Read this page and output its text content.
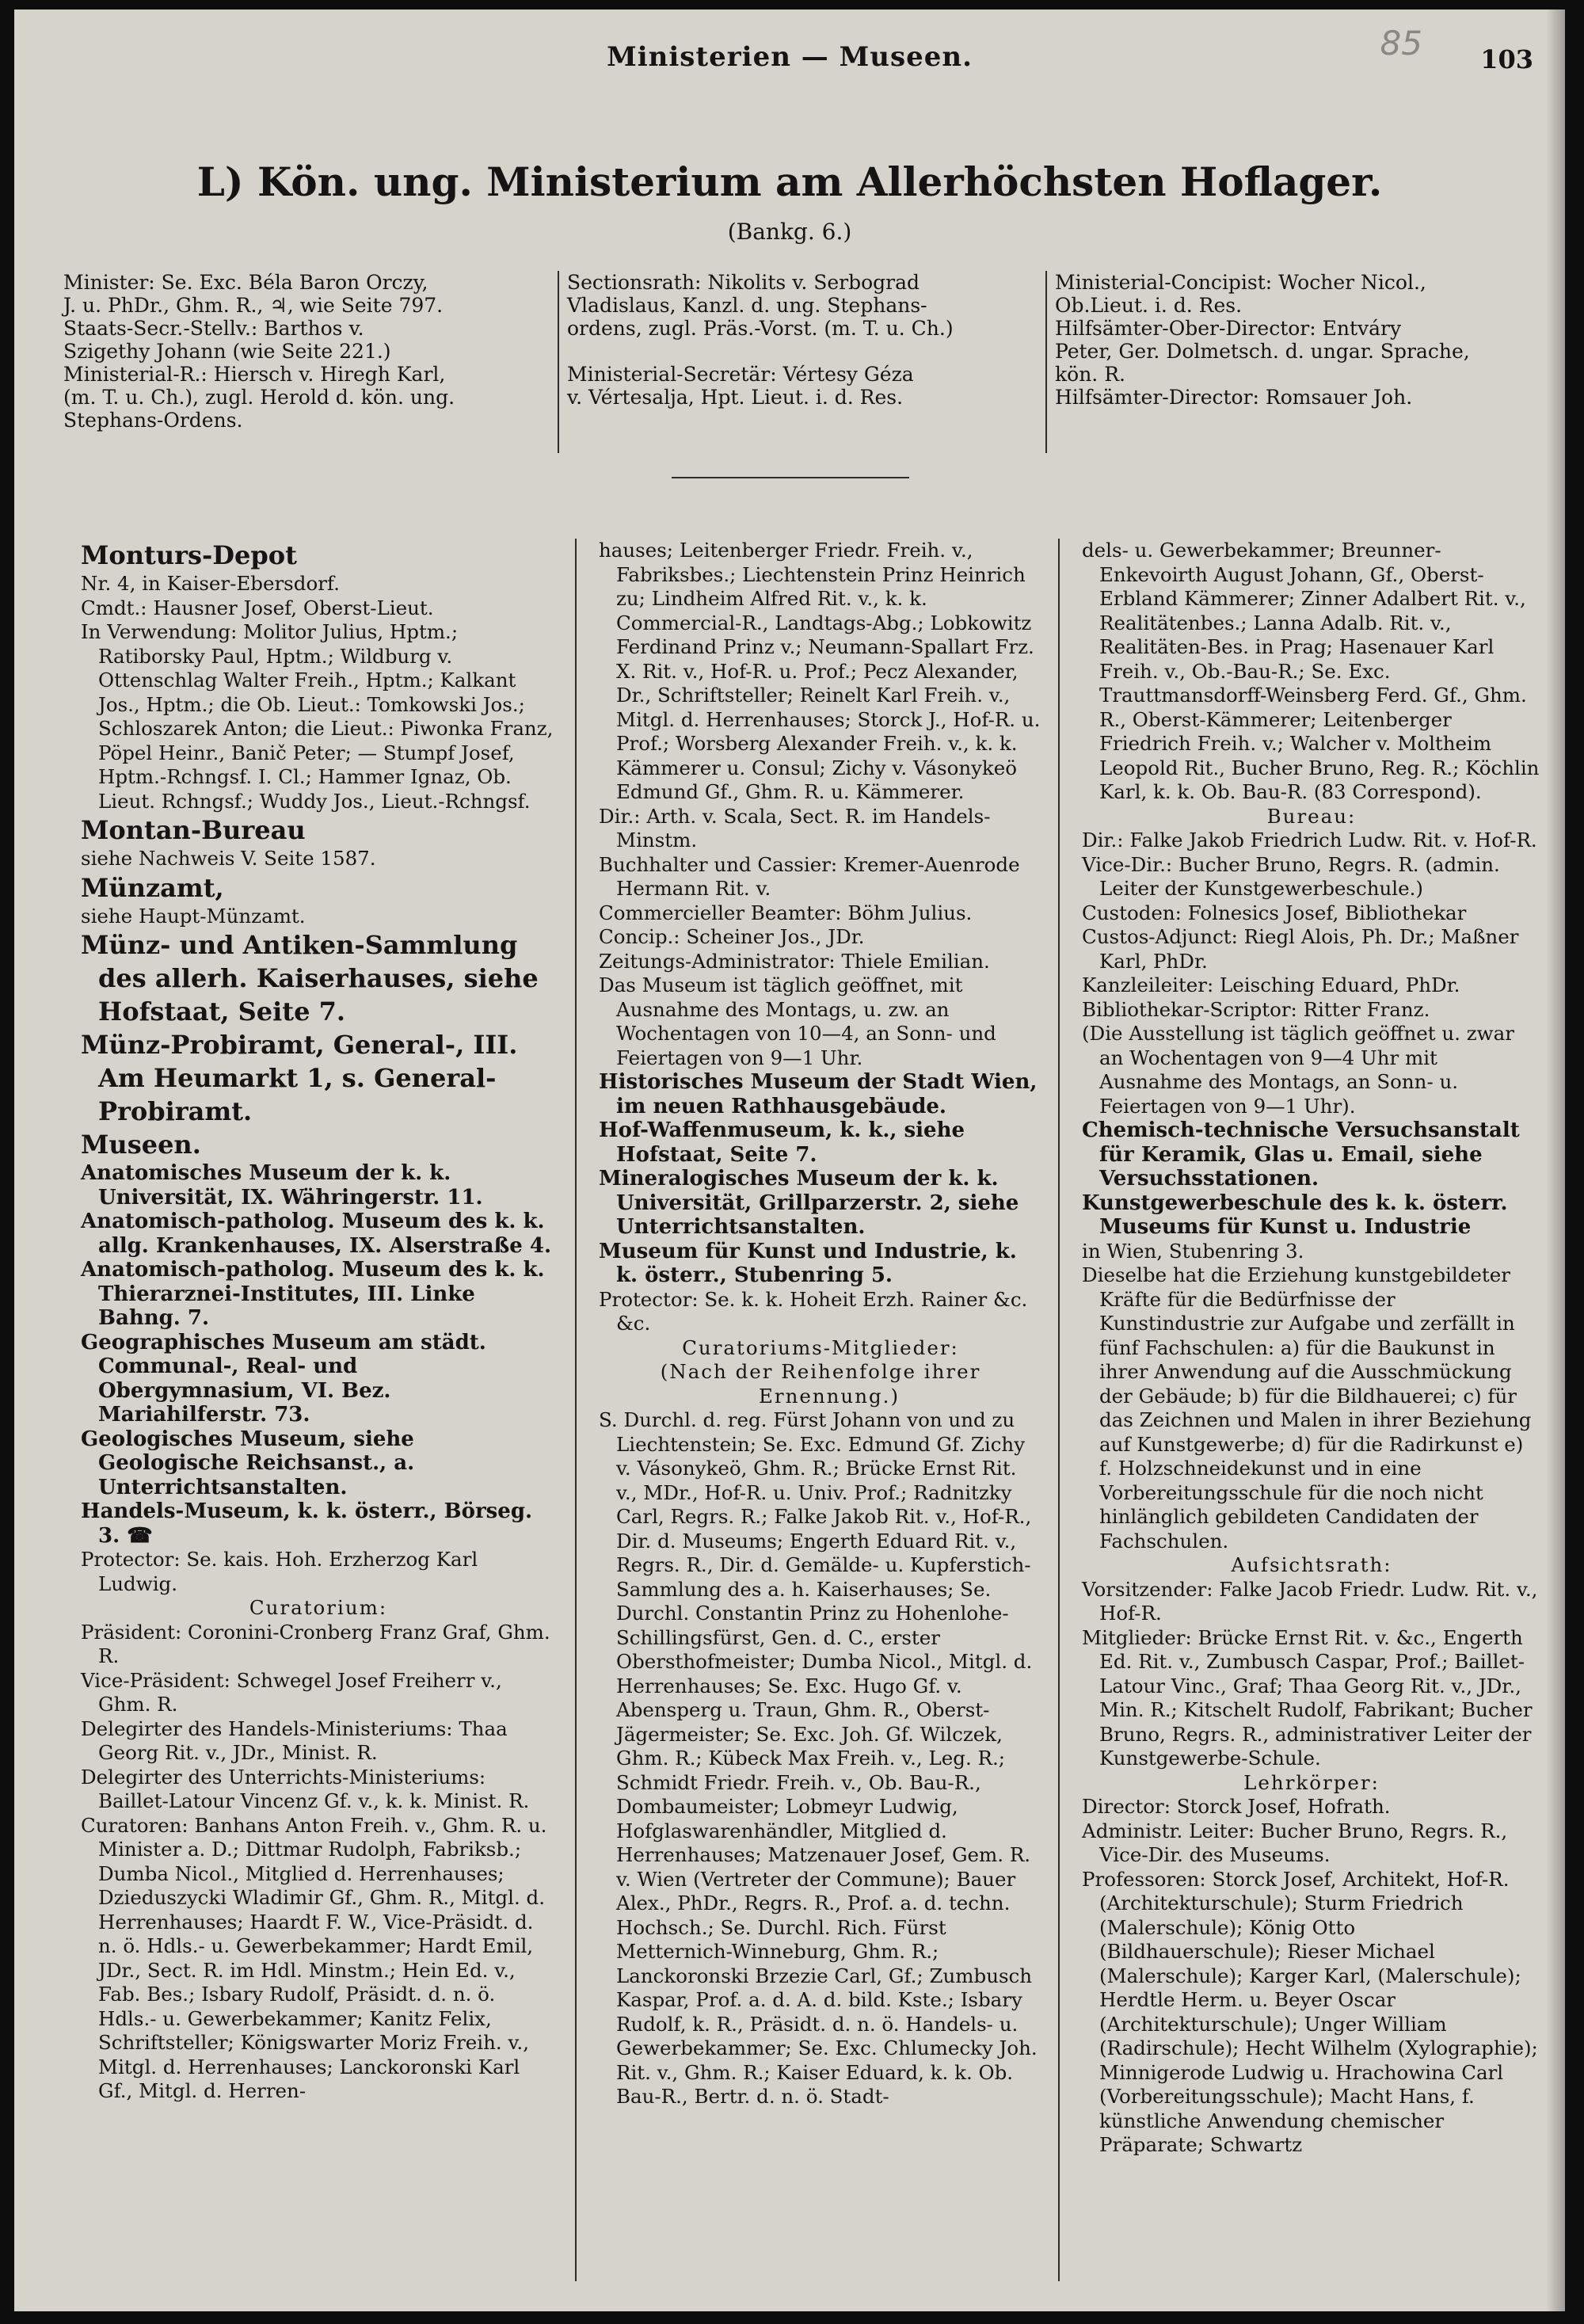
85
Ministerien — Museen.	103
L) Kön. ung. Ministerium am Allerhöchsten Hoflager.
(Bankg. 6.)
Minister: Se. Exc. Béla Baron Orczy,
J. u. PhDr., Ghm. R., ♃, wie Seite 797.
Staats-Secr.-Stellv.: Barthos v.
Szigethy Johann (wie Seite 221.)
Ministerial-R.: Hiersch v. Hiregh Karl,
(m. T. u. Ch.), zugl. Herold d. kön. ung.
Stephans-Ordens.
Sectionsrath: Nikolits v. Serbograd
Vladislaus, Kanzl. d. ung. Stephans-
ordens, zugl. Präs.-Vorst. (m. T. u. Ch.)

Ministerial-Secretär: Vértesy Géza
v. Vértesalja, Hpt. Lieut. i. d. Res.
Ministerial-Concipist: Wocher Nicol.,
Ob.Lieut. i. d. Res.
Hilfsämter-Ober-Director: Entváry
Peter, Ger. Dolmetsch. d. ungar. Sprache,
kön. R.
Hilfsämter-Director: Romsauer Joh.

Monturs-Depot

Nr. 4, in Kaiser-Ebersdorf.

Cmdt.: Hausner Josef, Oberst-Lieut.

In Verwendung: Molitor Julius, Hptm.; Ratiborsky Paul, Hptm.; Wildburg v. Ottenschlag Walter Freih., Hptm.; Kalkant Jos., Hptm.; die Ob. Lieut.: Tomkowski Jos.; Schloszarek Anton; die Lieut.: Piwonka Franz, Pöpel Heinr., Banič Peter; — Stumpf Josef, Hptm.-Rchngsf. I. Cl.; Hammer Ignaz, Ob. Lieut. Rchngsf.; Wuddy Jos., Lieut.-Rchngsf.

Montan-Bureau

siehe Nachweis V. Seite 1587.

Münzamt,

siehe Haupt-Münzamt.

Münz- und Antiken-Sammlung des allerh. Kaiserhauses, siehe Hofstaat, Seite 7.

Münz-Probiramt, General-, III. Am Heumarkt 1, s. General-Probiramt.

Museen.

Anatomisches Museum der k. k. Universität, IX. Währingerstr. 11.

Anatomisch-patholog. Museum des k. k. allg. Krankenhauses, IX. Alserstraße 4.

Anatomisch-patholog. Museum des k. k. Thierarznei-Institutes, III. Linke Bahng. 7.

Geographisches Museum am städt. Communal-, Real- und Obergymnasium, VI. Bez. Mariahilferstr. 73.

Geologisches Museum, siehe Geologische Reichsanst., a. Unterrichtsanstalten.

Handels-Museum, k. k. österr., Börseg. 3. ☎

Protector: Se. kais. Hoh. Erzherzog Karl Ludwig.

Curatorium:

Präsident: Coronini-Cronberg Franz Graf, Ghm. R.

Vice-Präsident: Schwegel Josef Freiherr v., Ghm. R.

Delegirter des Handels-Ministeriums: Thaa Georg Rit. v., JDr., Minist. R.

Delegirter des Unterrichts-Ministeriums: Baillet-Latour Vincenz Gf. v., k. k. Minist. R.

Curatoren: Banhans Anton Freih. v., Ghm. R. u. Minister a. D.; Dittmar Rudolph, Fabriksb.; Dumba Nicol., Mitglied d. Herrenhauses; Dzieduszycki Wladimir Gf., Ghm. R., Mitgl. d. Herrenhauses; Haardt F. W., Vice-Präsidt. d. n. ö. Hdls.- u. Gewerbekammer; Hardt Emil, JDr., Sect. R. im Hdl. Minstm.; Hein Ed. v., Fab. Bes.; Isbary Rudolf, Präsidt. d. n. ö. Hdls.- u. Gewerbekammer; Kanitz Felix, Schriftsteller; Königswarter Moriz Freih. v., Mitgl. d. Herrenhauses; Lanckoronski Karl Gf., Mitgl. d. Herren-

hauses; Leitenberger Friedr. Freih. v., Fabriksbes.; Liechtenstein Prinz Heinrich zu; Lindheim Alfred Rit. v., k. k. Commercial-R., Landtags-Abg.; Lobkowitz Ferdinand Prinz v.; Neumann-Spallart Frz. X. Rit. v., Hof-R. u. Prof.; Pecz Alexander, Dr., Schriftsteller; Reinelt Karl Freih. v., Mitgl. d. Herrenhauses; Storck J., Hof-R. u. Prof.; Worsberg Alexander Freih. v., k. k. Kämmerer u. Consul; Zichy v. Vásonykeö Edmund Gf., Ghm. R. u. Kämmerer.

Dir.: Arth. v. Scala, Sect. R. im Handels-Minstm.

Buchhalter und Cassier: Kremer-Auenrode Hermann Rit. v.

Commercieller Beamter: Böhm Julius.

Concip.: Scheiner Jos., JDr.

Zeitungs-Administrator: Thiele Emilian.

Das Museum ist täglich geöffnet, mit Ausnahme des Montags, u. zw. an Wochentagen von 10—4, an Sonn- und Feiertagen von 9—1 Uhr.

Historisches Museum der Stadt Wien, im neuen Rathhausgebäude.

Hof-Waffenmuseum, k. k., siehe Hofstaat, Seite 7.

Mineralogisches Museum der k. k. Universität, Grillparzerstr. 2, siehe Unterrichtsanstalten.

Museum für Kunst und Industrie, k. k. österr., Stubenring 5.

Protector: Se. k. k. Hoheit Erzh. Rainer &c. &c.

Curatoriums-Mitglieder:

(Nach der Reihenfolge ihrer Ernennung.)

S. Durchl. d. reg. Fürst Johann von und zu Liechtenstein; Se. Exc. Edmund Gf. Zichy v. Vásonykeö, Ghm. R.; Brücke Ernst Rit. v., MDr., Hof-R. u. Univ. Prof.; Radnitzky Carl, Regrs. R.; Falke Jakob Rit. v., Hof-R., Dir. d. Museums; Engerth Eduard Rit. v., Regrs. R., Dir. d. Gemälde- u. Kupferstich-Sammlung des a. h. Kaiserhauses; Se. Durchl. Constantin Prinz zu Hohenlohe-Schillingsfürst, Gen. d. C., erster Obersthofmeister; Dumba Nicol., Mitgl. d. Herrenhauses; Se. Exc. Hugo Gf. v. Abensperg u. Traun, Ghm. R., Oberst-Jägermeister; Se. Exc. Joh. Gf. Wilczek, Ghm. R.; Kübeck Max Freih. v., Leg. R.; Schmidt Friedr. Freih. v., Ob. Bau-R., Dombaumeister; Lobmeyr Ludwig, Hofglaswarenhändler, Mitglied d. Herrenhauses; Matzenauer Josef, Gem. R. v. Wien (Vertreter der Commune); Bauer Alex., PhDr., Regrs. R., Prof. a. d. techn. Hochsch.; Se. Durchl. Rich. Fürst Metternich-Winneburg, Ghm. R.; Lanckoronski Brzezie Carl, Gf.; Zumbusch Kaspar, Prof. a. d. A. d. bild. Kste.; Isbary Rudolf, k. R., Präsidt. d. n. ö. Handels- u. Gewerbekammer; Se. Exc. Chlumecky Joh. Rit. v., Ghm. R.; Kaiser Eduard, k. k. Ob. Bau-R., Bertr. d. n. ö. Stadt-

dels- u. Gewerbekammer; Breunner-Enkevoirth August Johann, Gf., Oberst-Erbland Kämmerer; Zinner Adalbert Rit. v., Realitätenbes.; Lanna Adalb. Rit. v., Realitäten-Bes. in Prag; Hasenauer Karl Freih. v., Ob.-Bau-R.; Se. Exc. Trauttmansdorff-Weinsberg Ferd. Gf., Ghm. R., Oberst-Kämmerer; Leitenberger Friedrich Freih. v.; Walcher v. Moltheim Leopold Rit., Bucher Bruno, Reg. R.; Köchlin Karl, k. k. Ob. Bau-R. (83 Correspond).

Bureau:

Dir.: Falke Jakob Friedrich Ludw. Rit. v. Hof-R.

Vice-Dir.: Bucher Bruno, Regrs. R. (admin. Leiter der Kunstgewerbeschule.)

Custoden: Folnesics Josef, Bibliothekar

Custos-Adjunct: Riegl Alois, Ph. Dr.; Maßner Karl, PhDr.

Kanzleileiter: Leisching Eduard, PhDr.

Bibliothekar-Scriptor: Ritter Franz.

(Die Ausstellung ist täglich geöffnet u. zwar an Wochentagen von 9—4 Uhr mit Ausnahme des Montags, an Sonn- u. Feiertagen von 9—1 Uhr).

Chemisch-technische Versuchsanstalt für Keramik, Glas u. Email, siehe Versuchsstationen.

Kunstgewerbeschule des k. k. österr. Museums für Kunst u. Industrie

in Wien, Stubenring 3.

Dieselbe hat die Erziehung kunstgebildeter Kräfte für die Bedürfnisse der Kunstindustrie zur Aufgabe und zerfällt in fünf Fachschulen: a) für die Baukunst in ihrer Anwendung auf die Ausschmückung der Gebäude; b) für die Bildhauerei; c) für das Zeichnen und Malen in ihrer Beziehung auf Kunstgewerbe; d) für die Radirkunst e) f. Holzschneidekunst und in eine Vorbereitungsschule für die noch nicht hinlänglich gebildeten Candidaten der Fachschulen.

Aufsichtsrath:

Vorsitzender: Falke Jacob Friedr. Ludw. Rit. v., Hof-R.

Mitglieder: Brücke Ernst Rit. v. &c., Engerth Ed. Rit. v., Zumbusch Caspar, Prof.; Baillet-Latour Vinc., Graf; Thaa Georg Rit. v., JDr., Min. R.; Kitschelt Rudolf, Fabrikant; Bucher Bruno, Regrs. R., administrativer Leiter der Kunstgewerbe-Schule.

Lehrkörper:

Director: Storck Josef, Hofrath.

Administr. Leiter: Bucher Bruno, Regrs. R., Vice-Dir. des Museums.

Professoren: Storck Josef, Architekt, Hof-R. (Architekturschule); Sturm Friedrich (Malerschule); König Otto (Bildhauerschule); Rieser Michael (Malerschule); Karger Karl, (Malerschule); Herdtle Herm. u. Beyer Oscar (Architekturschule); Unger William (Radirschule); Hecht Wilhelm (Xylographie); Minnigerode Ludwig u. Hrachowina Carl (Vorbereitungsschule); Macht Hans, f. künstliche Anwendung chemischer Präparate; Schwartz
